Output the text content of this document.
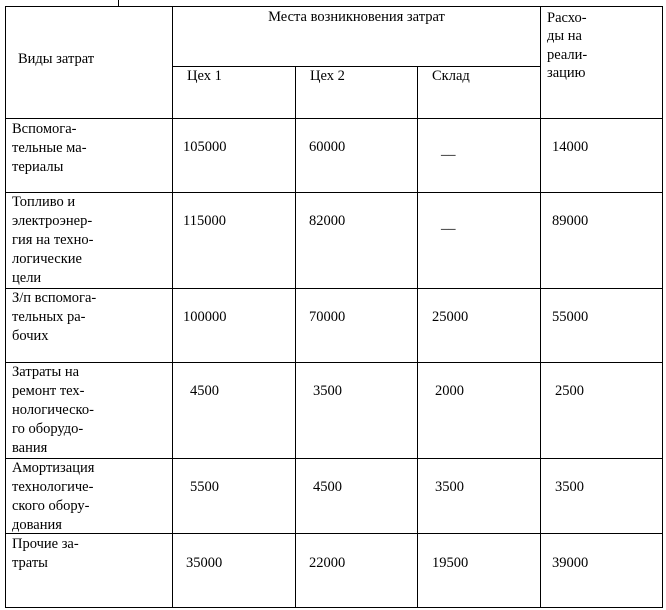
Виды затрат
Места возникновения затрат
Цех 1	Цех 2	Склад
Расхо-
ды на
реали-
зацию
Вспомога-
тельные ма-
териалы
105000	60000	__	14000
Топливо и
электроэнер-
гия на техно-
логические
цели
115000	82000	__	89000
З/п вспомога-
тельных ра-
бочих
100000	70000	25000	55000
Затраты на
ремонт тех-
нологическо-
го оборудо-
вания
4500	3500	2000	2500
Амортизация
технологиче-
ского обору-
дования
5500	4500	3500	3500
Прочие за-
траты	35000	22000	19500	39000
